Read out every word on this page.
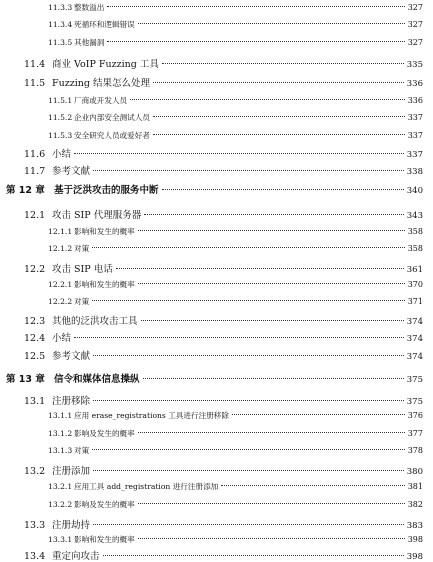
11.3.3 整数溢出	327
11.3.4 死循环和逻辑错误	327
11.3.5 其他漏洞	327
11.4 商业 VoIP Fuzzing 工具	335
11.5 Fuzzing 结果怎么处理	336
11.5.1 厂商或开发人员	336
11.5.2 企业内部安全测试人员	337
11.5.3 安全研究人员或爱好者	337
11.6 小结	337
11.7 参考文献	338
第 12 章 基于泛洪攻击的服务中断	340
12.1 攻击 SIP 代理服务器	343
12.1.1 影响和发生的概率	358
12.1.2 对策	358
12.2 攻击 SIP 电话	361
12.2.1 影响和发生的概率	370
12.2.2 对策	371
12.3 其他的泛洪攻击工具	374
12.4 小结	374
12.5 参考文献	374
第 13 章 信令和媒体信息操纵	375
13.1 注册移除	375
13.1.1 应用 erase_registrations 工具进行注册移除	376
13.1.2 影响及发生的概率	377
13.1.3 对策	378
13.2 注册添加	380
13.2.1 应用工具 add_registration 进行注册添加	381
13.2.2 影响及发生的概率	382
13.3 注册劫持	383
13.3.1 影响和发生的概率	398
13.4 重定向攻击	398
